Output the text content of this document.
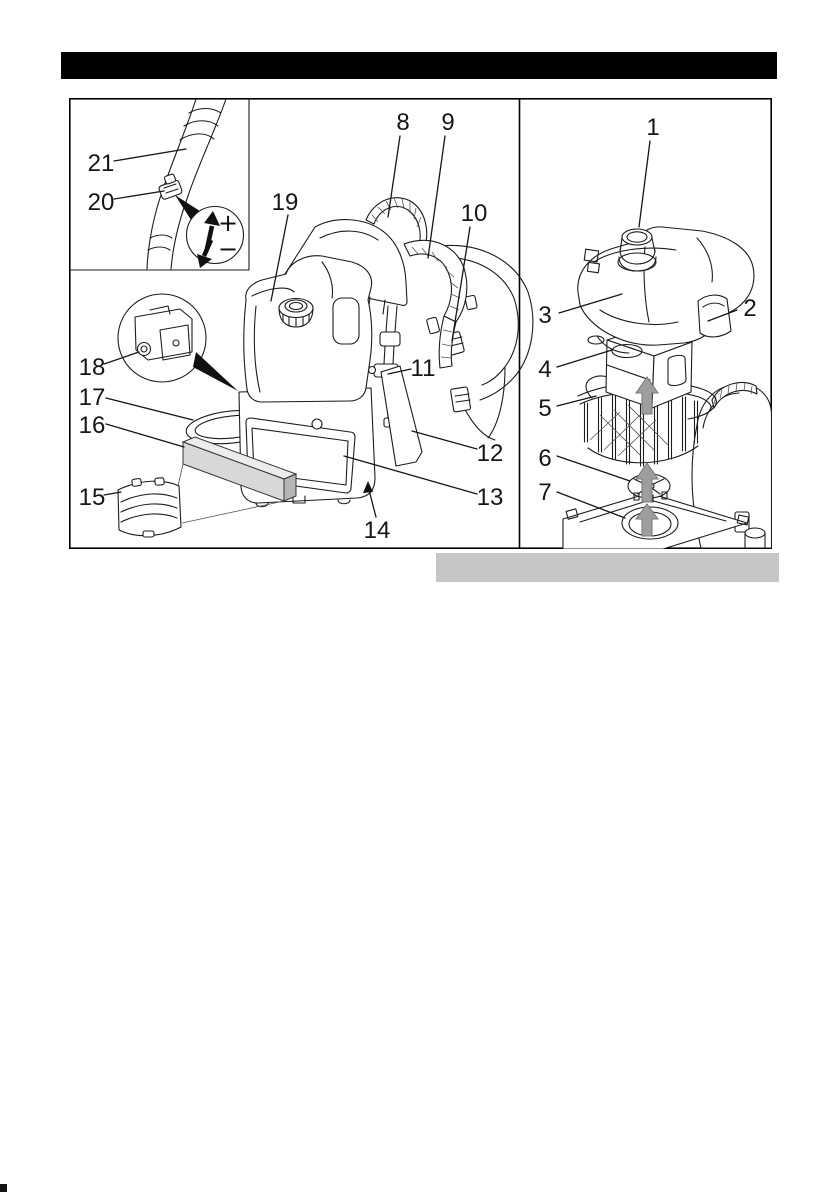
+
−
1
2
3
4
5
6
7
8 9
10
11
12
13
14
15
16
17
18
19
20
21
